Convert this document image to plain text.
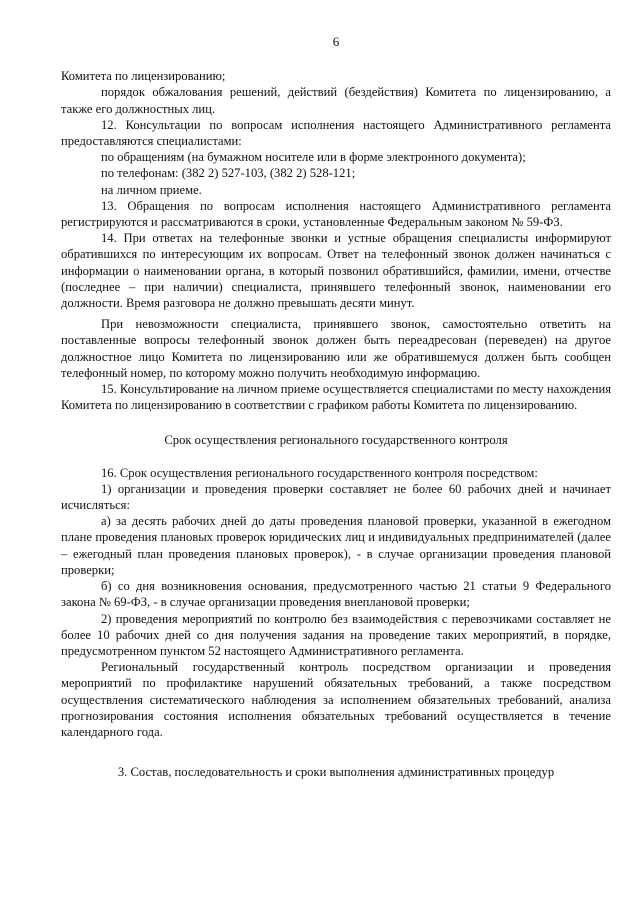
6

Комитета по лицензированию;

порядок обжалования решений, действий (бездействия) Комитета по лицензированию, а также его должностных лиц.

12. Консультации по вопросам исполнения настоящего Административного регламента предоставляются специалистами:

по обращениям (на бумажном носителе или в форме электронного документа);

по телефонам: (382 2) 527-103, (382 2) 528-121;

на личном приеме.

13. Обращения по вопросам исполнения настоящего Административного регламента регистрируются и рассматриваются в сроки, установленные Федеральным законом № 59-ФЗ.

14. При ответах на телефонные звонки и устные обращения специалисты информируют обратившихся по интересующим их вопросам. Ответ на телефонный звонок должен начинаться с информации о наименовании органа, в который позвонил обратившийся, фамилии, имени, отчестве (последнее – при наличии) специалиста, принявшего телефонный звонок, наименовании его должности. Время разговора не должно превышать десяти минут.

При невозможности специалиста, принявшего звонок, самостоятельно ответить на поставленные вопросы телефонный звонок должен быть переадресован (переведен) на другое должностное лицо Комитета по лицензированию или же обратившемуся должен быть сообщен телефонный номер, по которому можно получить необходимую информацию.

15. Консультирование на личном приеме осуществляется специалистами по месту нахождения Комитета по лицензированию в соответствии с графиком работы Комитета по лицензированию.

Срок осуществления регионального государственного контроля

16. Срок осуществления регионального государственного контроля посредством:

1) организации и проведения проверки составляет не более 60 рабочих дней и начинает исчисляться:

а) за десять рабочих дней до даты проведения плановой проверки, указанной в ежегодном плане проведения плановых проверок юридических лиц и индивидуальных предпринимателей (далее – ежегодный план проведения плановых проверок), - в случае организации проведения плановой проверки;

б) со дня возникновения основания, предусмотренного частью 21 статьи 9 Федерального закона № 69-ФЗ, - в случае организации проведения внеплановой проверки;

2) проведения мероприятий по контролю без взаимодействия с перевозчиками составляет не более 10 рабочих дней со дня получения задания на проведение таких мероприятий, в порядке, предусмотренном пунктом 52 настоящего Административного регламента.

Региональный государственный контроль посредством организации и проведения мероприятий по профилактике нарушений обязательных требований, а также посредством осуществления систематического наблюдения за исполнением обязательных требований, анализа прогнозирования состояния исполнения обязательных требований осуществляется в течение календарного года.

3. Состав, последовательность и сроки выполнения административных процедур
